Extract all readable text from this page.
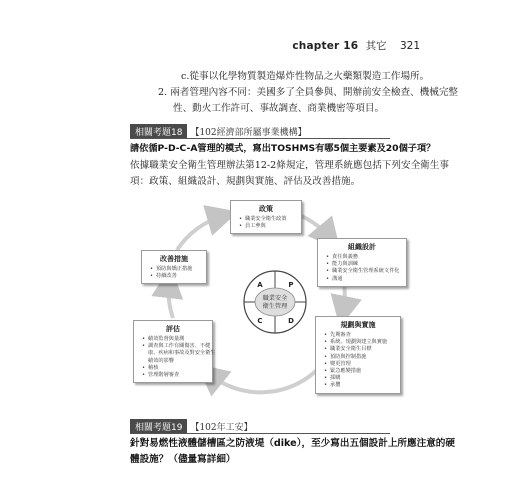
chapter 16 其它 321
c.從事以化學物質製造爆炸性物品之火藥類製造工作場所。
2. 兩者管理內容不同：美國多了全員參與、開辦前安全檢查、機械完整
性、動火工作許可、事故調查、商業機密等項目。
相關考題18 【102經濟部所屬事業機構】
請依循P-D-C-A管理的模式，寫出TOSHMS有哪5個主要素及20個子項？
依據職業安全衛生管理辦法第12-2條規定，管理系統應包括下列安全衛生事
項：政策、組織設計、規劃與實施、評估及改善措施。
職業安全
衛生管理
A	P
C	D
政策
• 職業安全衛生政策
• 員工參與
組織設計
• 責任與義務
• 能力與訓練
• 職業安全衛生管理系統文件化
• 溝通
規劃與實施
• 先期審查
• 系統、規劃與建立與實施
• 職業安全衛生目標
• 預防與控制措施
• 變更管理
• 緊急應變措施
• 採購
• 承攬
評估
• 績效監督與量測
• 調查與工作有關傷害、不健康、疾病和事故及對安全衛生績效的影響
• 稽核
• 管理階層審查
改善措施
• 預防與矯正措施
• 持續改善
相關考題19 【102年工安】
針對易燃性液體儲槽區之防液堤（dike），至少寫出五個設計上所應注意的硬
體設施？（儘量寫詳細）
